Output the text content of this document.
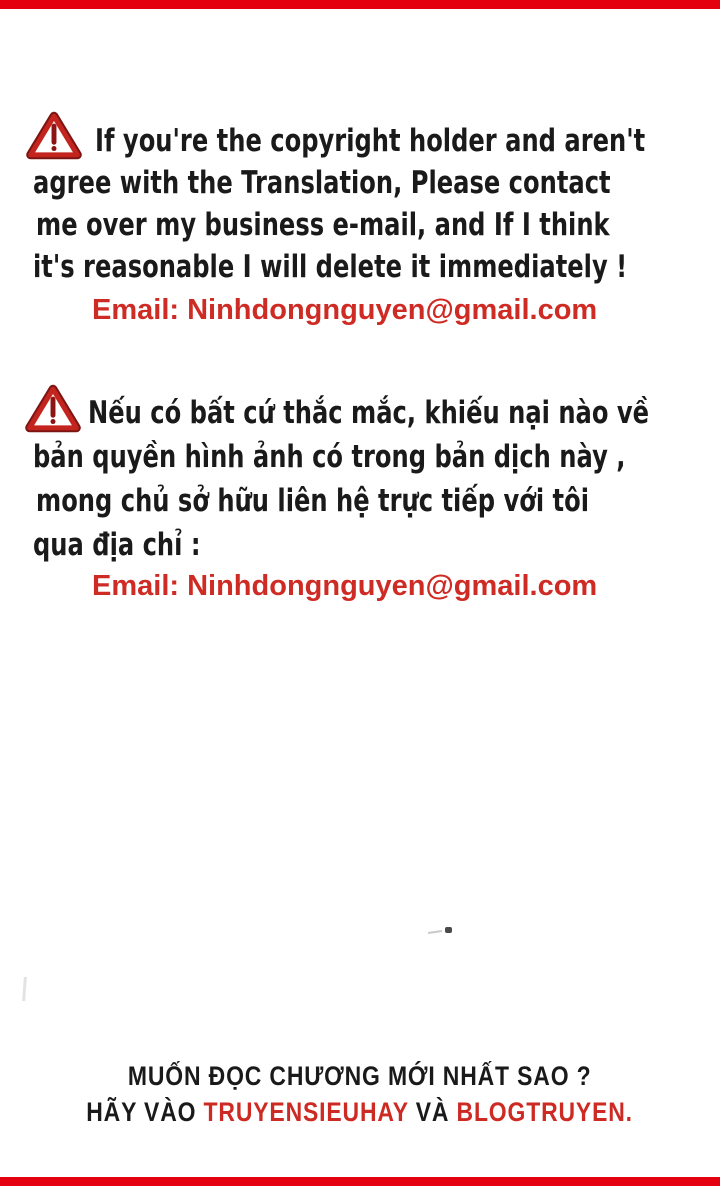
If you're the copyright holder and aren't
agree with the Translation, Please contact
me over my business e-mail, and If I think
it's reasonable I will delete it immediately !
Email: Ninhdongnguyen@gmail.com
Nếu có bất cứ thắc mắc, khiếu nại nào về
bản quyền hình ảnh có trong bản dịch này ,
mong chủ sở hữu liên hệ trực tiếp với tôi
qua địa chỉ :
Email: Ninhdongnguyen@gmail.com
MUỐN ĐỌC CHƯƠNG MỚI NHẤT SAO ?
HÃY VÀO TRUYENSIEUHAY VÀ BLOGTRUYEN.
